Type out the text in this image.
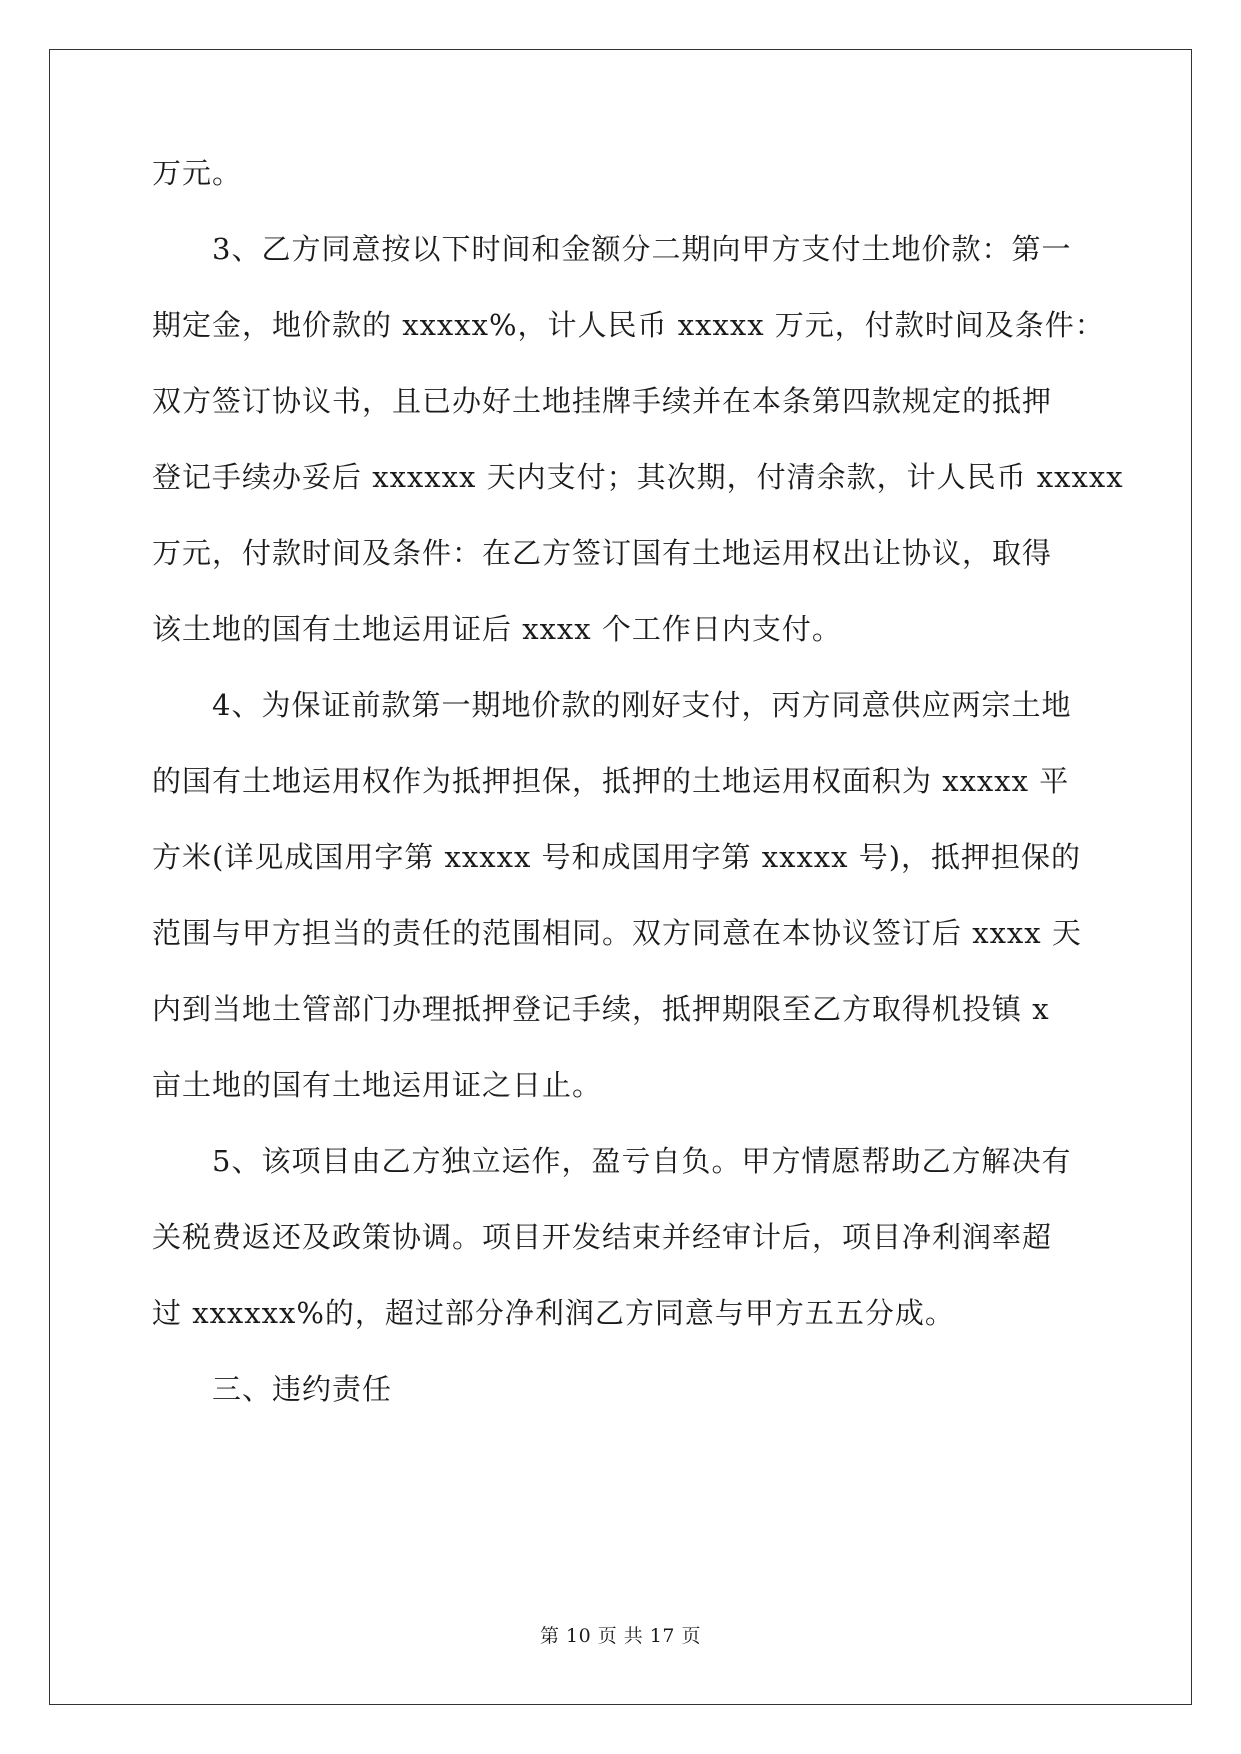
万元。
3、乙方同意按以下时间和金额分二期向甲方支付土地价款：第一
期定金，地价款的 xxxxx%，计人民币 xxxxx 万元，付款时间及条件：
双方签订协议书，且已办好土地挂牌手续并在本条第四款规定的抵押
登记手续办妥后 xxxxxx 天内支付；其次期，付清余款，计人民币 xxxxx
万元，付款时间及条件：在乙方签订国有土地运用权出让协议，取得
该土地的国有土地运用证后 xxxx 个工作日内支付。
4、为保证前款第一期地价款的刚好支付，丙方同意供应两宗土地
的国有土地运用权作为抵押担保，抵押的土地运用权面积为 xxxxx 平
方米(详见成国用字第 xxxxx 号和成国用字第 xxxxx 号)，抵押担保的
范围与甲方担当的责任的范围相同。双方同意在本协议签订后 xxxx 天
内到当地土管部门办理抵押登记手续，抵押期限至乙方取得机投镇 x
亩土地的国有土地运用证之日止。
5、该项目由乙方独立运作，盈亏自负。甲方情愿帮助乙方解决有
关税费返还及政策协调。项目开发结束并经审计后，项目净利润率超
过 xxxxxx%的，超过部分净利润乙方同意与甲方五五分成。
三、违约责任
第 10 页 共 17 页
